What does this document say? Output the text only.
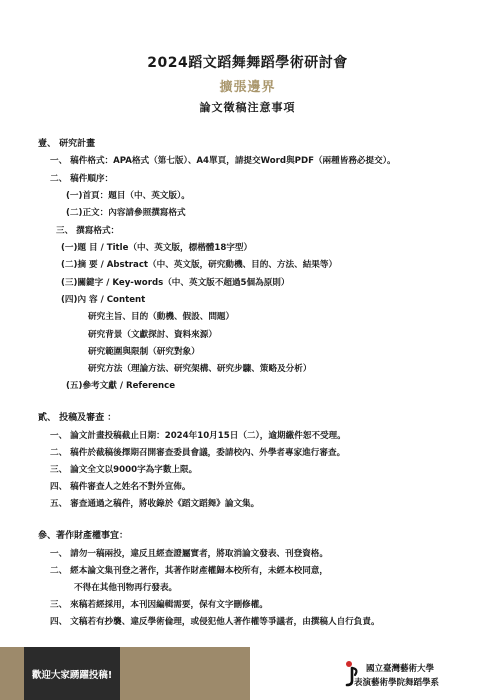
2024蹈文蹈舞舞蹈學術研討會
擴張邊界
論文徵稿注意事項
壹、 研究計畫
一、 稿件格式：APA格式（第七版）、A4單頁，請提交Word與PDF（兩種皆務必提交）。
二、 稿件順序：
(一)首頁：題目（中、英文版）。
(二)正文：內容請參照撰寫格式
三、 撰寫格式：
(一)題 目 / Title（中、英文版，標楷體18字型）
(二)摘 要 / Abstract（中、英文版，研究動機、目的、方法、結果等）
(三)關鍵字 / Key-words（中、英文版不超過5個為原則）
(四)內 容 / Content
研究主旨、目的（動機、假設、問題）
研究背景（文獻探討、資料來源）
研究範圍與限制（研究對象）
研究方法（理論方法、研究架構、研究步驟、策略及分析）
(五)參考文獻 / Reference
貳、 投稿及審查 ：
一、 論文計畫投稿截止日期：2024年10月15日（二），逾期繳件恕不受理。
二、 稿件於截稿後擇期召開審查委員會議，委請校內、外學者專家進行審查。
三、 論文全文以9000字為字數上限。
四、 稿件審查人之姓名不對外宣佈。
五、 審查通過之稿件，將收錄於《蹈文蹈舞》論文集。
參、著作財產權事宜：
一、 請勿一稿兩投，違反且經查證屬實者，將取消論文發表、刊登資格。
二、 經本論文集刊登之著作，其著作財產權歸本校所有，未經本校同意，
不得在其他刊物再行發表。
三、 來稿若經採用，本刊因編輯需要，保有文字刪修權。
四、 文稿若有抄襲、違反學術倫理，或侵犯他人著作權等爭議者，由撰稿人自行負責。
歡迎大家踴躍投稿!
國立臺灣藝術大學
表演藝術學院舞蹈學系
